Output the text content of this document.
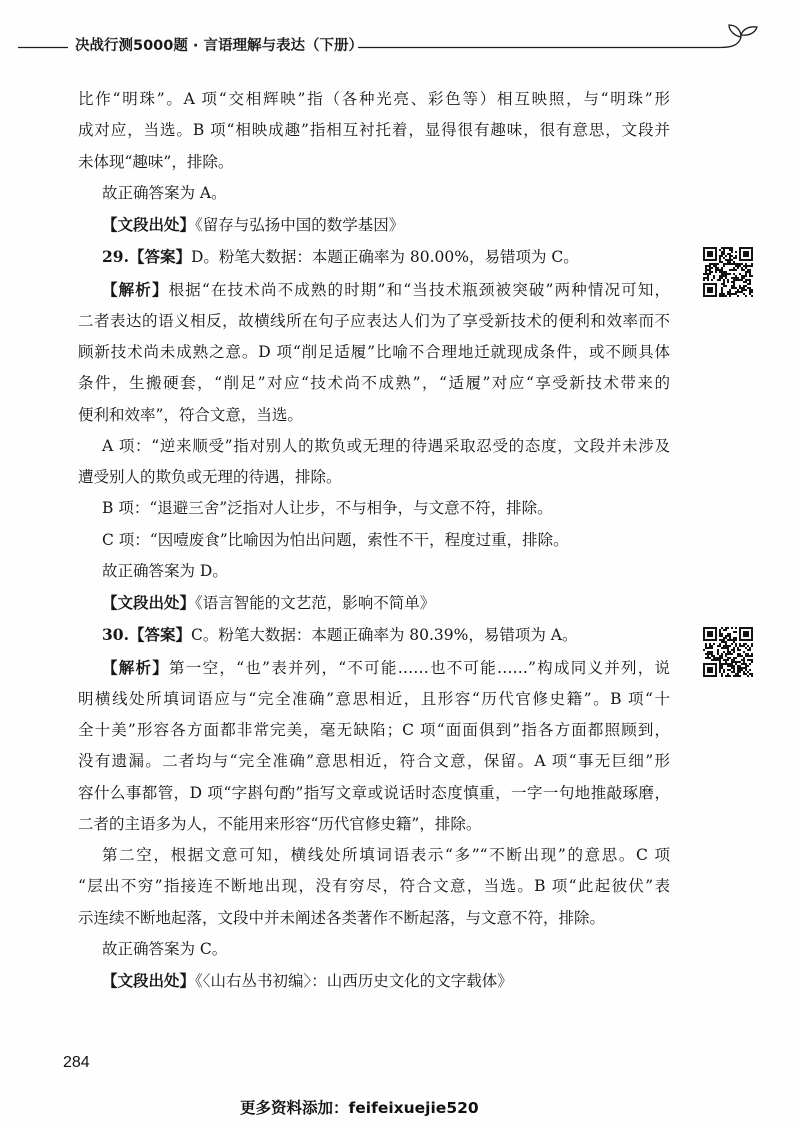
决战行测5000题 · 言语理解与表达（下册）
比作“明珠”。A 项“交相辉映”指（各种光亮、彩色等）相互映照，与“明珠”形
成对应，当选。B 项“相映成趣”指相互衬托着，显得很有趣味，很有意思，文段并
未体现“趣味”，排除。
故正确答案为 A。
【文段出处】《留存与弘扬中国的数学基因》
29.【答案】D。粉笔大数据：本题正确率为 80.00%，易错项为 C。
【解析】根据“在技术尚不成熟的时期”和“当技术瓶颈被突破”两种情况可知，
二者表达的语义相反，故横线所在句子应表达人们为了享受新技术的便利和效率而不
顾新技术尚未成熟之意。D 项“削足适履”比喻不合理地迁就现成条件，或不顾具体
条件，生搬硬套，“削足”对应“技术尚不成熟”，“适履”对应“享受新技术带来的
便利和效率”，符合文意，当选。
A 项：“逆来顺受”指对别人的欺负或无理的待遇采取忍受的态度，文段并未涉及
遭受别人的欺负或无理的待遇，排除。
B 项：“退避三舍”泛指对人让步，不与相争，与文意不符，排除。
C 项：“因噎废食”比喻因为怕出问题，索性不干，程度过重，排除。
故正确答案为 D。
【文段出处】《语言智能的文艺范，影响不简单》
30.【答案】C。粉笔大数据：本题正确率为 80.39%，易错项为 A。
【解析】第一空，“也”表并列，“不可能……也不可能……”构成同义并列，说
明横线处所填词语应与“完全准确”意思相近，且形容“历代官修史籍”。B 项“十
全十美”形容各方面都非常完美，毫无缺陷；C 项“面面俱到”指各方面都照顾到，
没有遗漏。二者均与“完全准确”意思相近，符合文意，保留。A 项“事无巨细”形
容什么事都管，D 项“字斟句酌”指写文章或说话时态度慎重，一字一句地推敲琢磨，
二者的主语多为人，不能用来形容“历代官修史籍”，排除。
第二空，根据文意可知，横线处所填词语表示“多”“不断出现”的意思。C 项
“层出不穷”指接连不断地出现，没有穷尽，符合文意，当选。B 项“此起彼伏”表
示连续不断地起落，文段中并未阐述各类著作不断起落，与文意不符，排除。
故正确答案为 C。
【文段出处】《〈山右丛书初编〉：山西历史文化的文字载体》
284
更多资料添加：feifeixuejie520
